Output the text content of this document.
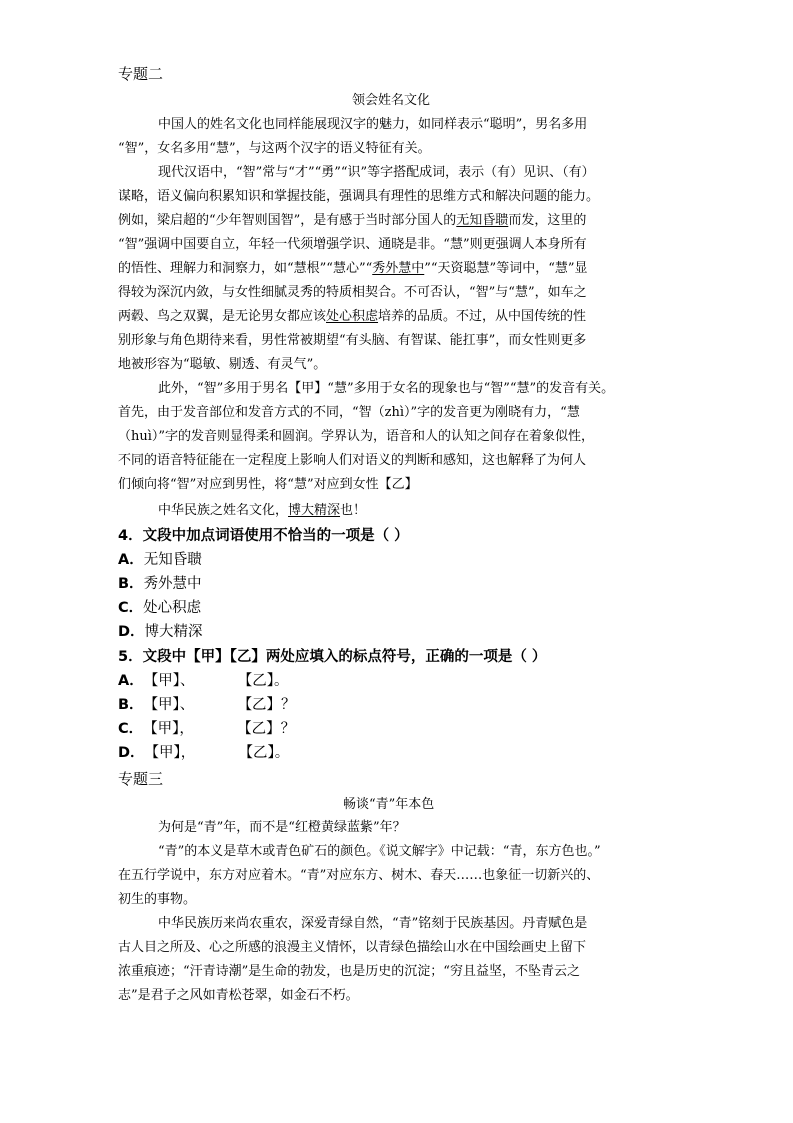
专题二
领会姓名文化
中国人的姓名文化也同样能展现汉字的魅力，如同样表示“聪明”，男名多用
“智”，女名多用“慧”，与这两个汉字的语义特征有关。
现代汉语中，“智”常与“才”“勇”“识”等字搭配成词，表示（有）见识、（有）
谋略，语义偏向积累知识和掌握技能，强调具有理性的思维方式和解决问题的能力。
例如，梁启超的“少年智则国智”，是有感于当时部分国人的无知昏聩而发，这里的
“智”强调中国要自立，年轻一代须增强学识、通晓是非。“慧”则更强调人本身所有
的悟性、理解力和洞察力，如“慧根”“慧心”“秀外慧中”“天资聪慧”等词中，“慧”显
得较为深沉内敛，与女性细腻灵秀的特质相契合。不可否认，“智”与“慧”，如车之
两毂、鸟之双翼，是无论男女都应该处心积虑培养的品质。不过，从中国传统的性
别形象与角色期待来看，男性常被期望“有头脑、有智谋、能扛事”，而女性则更多
地被形容为“聪敏、剔透、有灵气”。
此外，“智”多用于男名【甲】“慧”多用于女名的现象也与“智”“慧”的发音有关。
首先，由于发音部位和发音方式的不同，“智（zhì）”字的发音更为刚晓有力，“慧
（huì）”字的发音则显得柔和圆润。学界认为，语音和人的认知之间存在着象似性，
不同的语音特征能在一定程度上影响人们对语义的判断和感知，这也解释了为何人
们倾向将“智”对应到男性，将“慧”对应到女性【乙】
中华民族之姓名文化，博大精深也！
4．文段中加点词语使用不恰当的一项是（ ）
A．无知昏聩
B．秀外慧中
C．处心积虑
D．博大精深
5．文段中【甲】【乙】两处应填入的标点符号，正确的一项是（ ）
A．【甲】、	【乙】。
B．【甲】、	【乙】？
C．【甲】，	【乙】？
D．【甲】，	【乙】。
专题三
畅谈“青”年本色
为何是“青”年，而不是“红橙黄绿蓝紫”年？
“青”的本义是草木或青色矿石的颜色。《说文解字》中记载：“青，东方色也。”
在五行学说中，东方对应着木。“青”对应东方、树木、春天……也象征一切新兴的、
初生的事物。
中华民族历来尚农重农，深爱青绿自然，“青”铭刻于民族基因。丹青赋色是
古人目之所及、心之所感的浪漫主义情怀，以青绿色描绘山水在中国绘画史上留下
浓重痕迹；“汗青诗潮”是生命的勃发，也是历史的沉淀；“穷且益坚，不坠青云之
志”是君子之风如青松苍翠，如金石不朽。
